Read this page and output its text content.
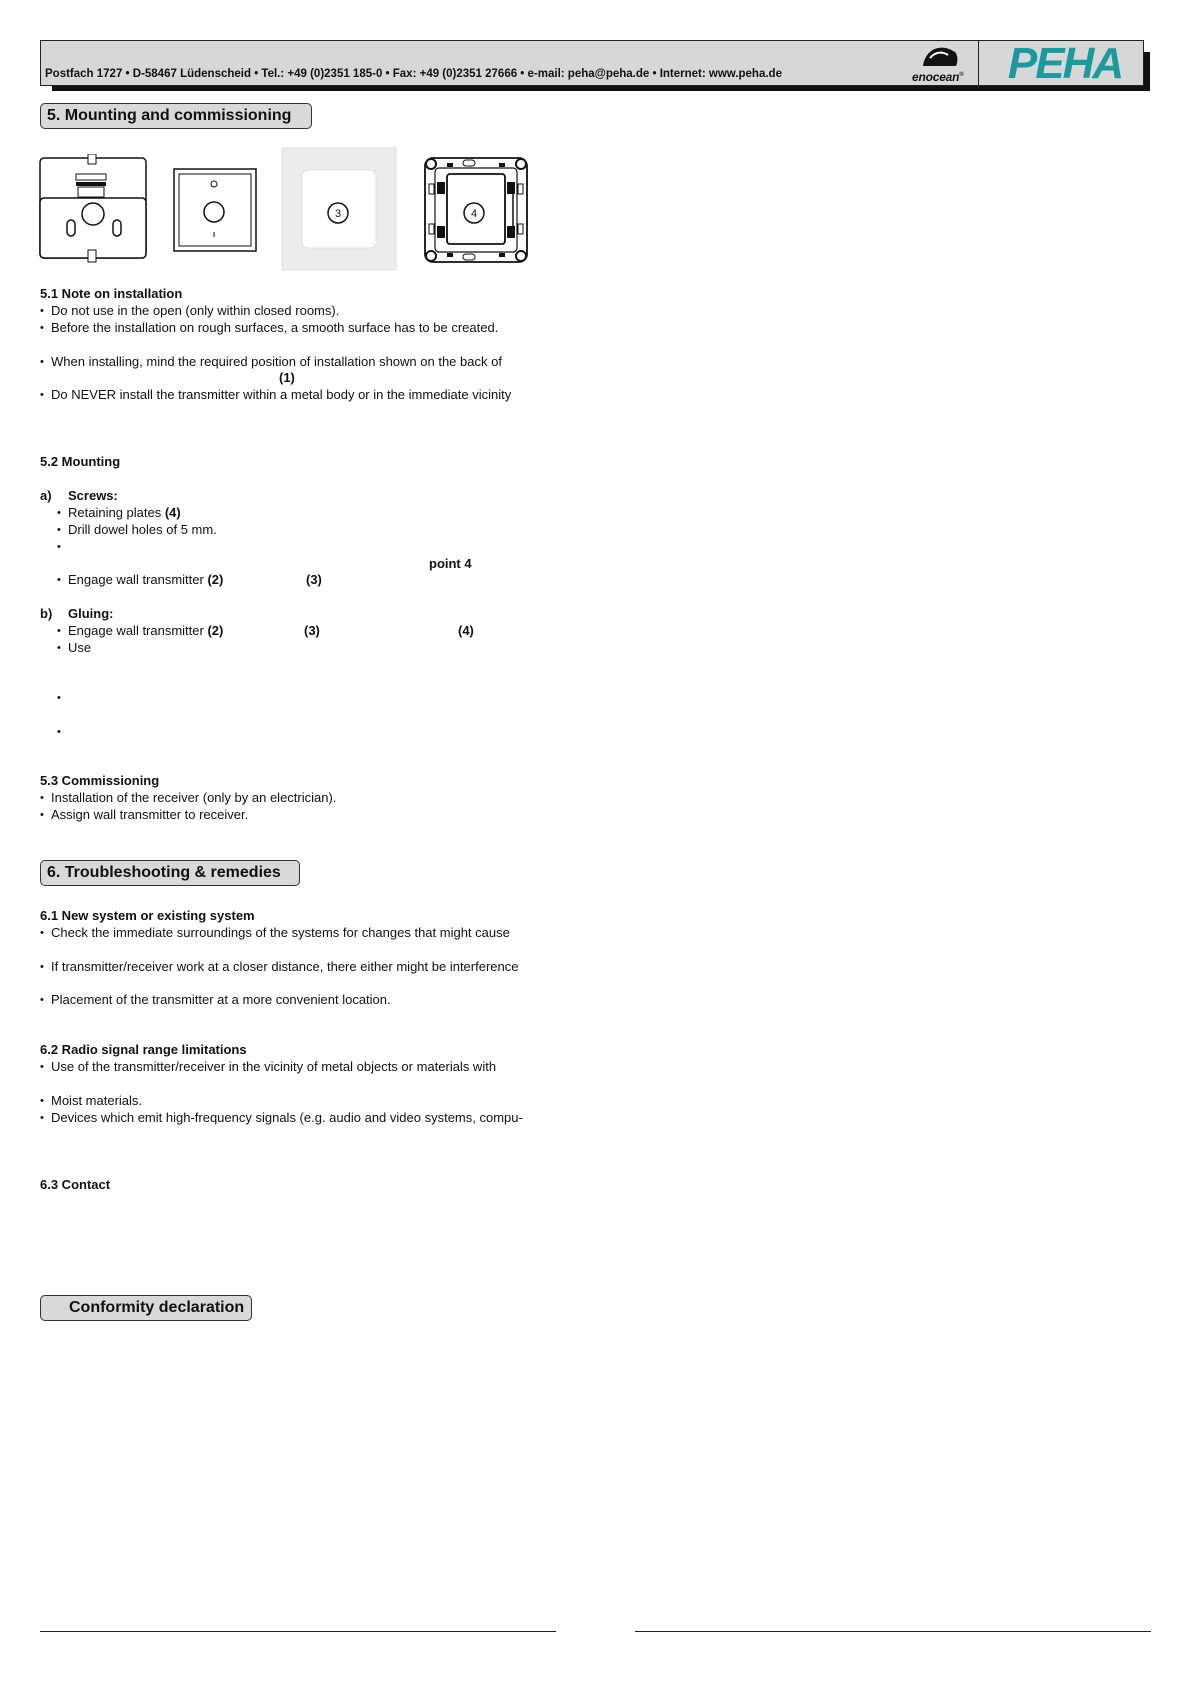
Postfach 1727 • D-58467 Lüdenscheid • Tel.: +49 (0)2351 185-0 • Fax: +49 (0)2351 27666 • e-mail: peha@peha.de • Internet: www.peha.de	enocean® PEHA
5. Mounting and commissioning
3	4
5.1 Note on installation
• Do not use in the open (only within closed rooms).
• Before the installation on rough surfaces, a smooth surface has to be created.
• When installing, mind the required position of installation shown on the back of
(1)
• Do NEVER install the transmitter within a metal body or in the immediate vicinity
5.2 Mounting
a) Screws:
• Retaining plates (4)
• Drill dowel holes of 5 mm.
•
point 4
• Engage wall transmitter (2)	(3)
b) Gluing:
• Engage wall transmitter (2)	(3)	(4)
• Use
•
•
5.3 Commissioning
• Installation of the receiver (only by an electrician).
• Assign wall transmitter to receiver.
6. Troubleshooting & remedies
6.1 New system or existing system
• Check the immediate surroundings of the systems for changes that might cause
• If transmitter/receiver work at a closer distance, there either might be interference
• Placement of the transmitter at a more convenient location.
6.2 Radio signal range limitations
• Use of the transmitter/receiver in the vicinity of metal objects or materials with
• Moist materials.
• Devices which emit high-frequency signals (e.g. audio and video systems, compu-
6.3 Contact
Conformity declaration
